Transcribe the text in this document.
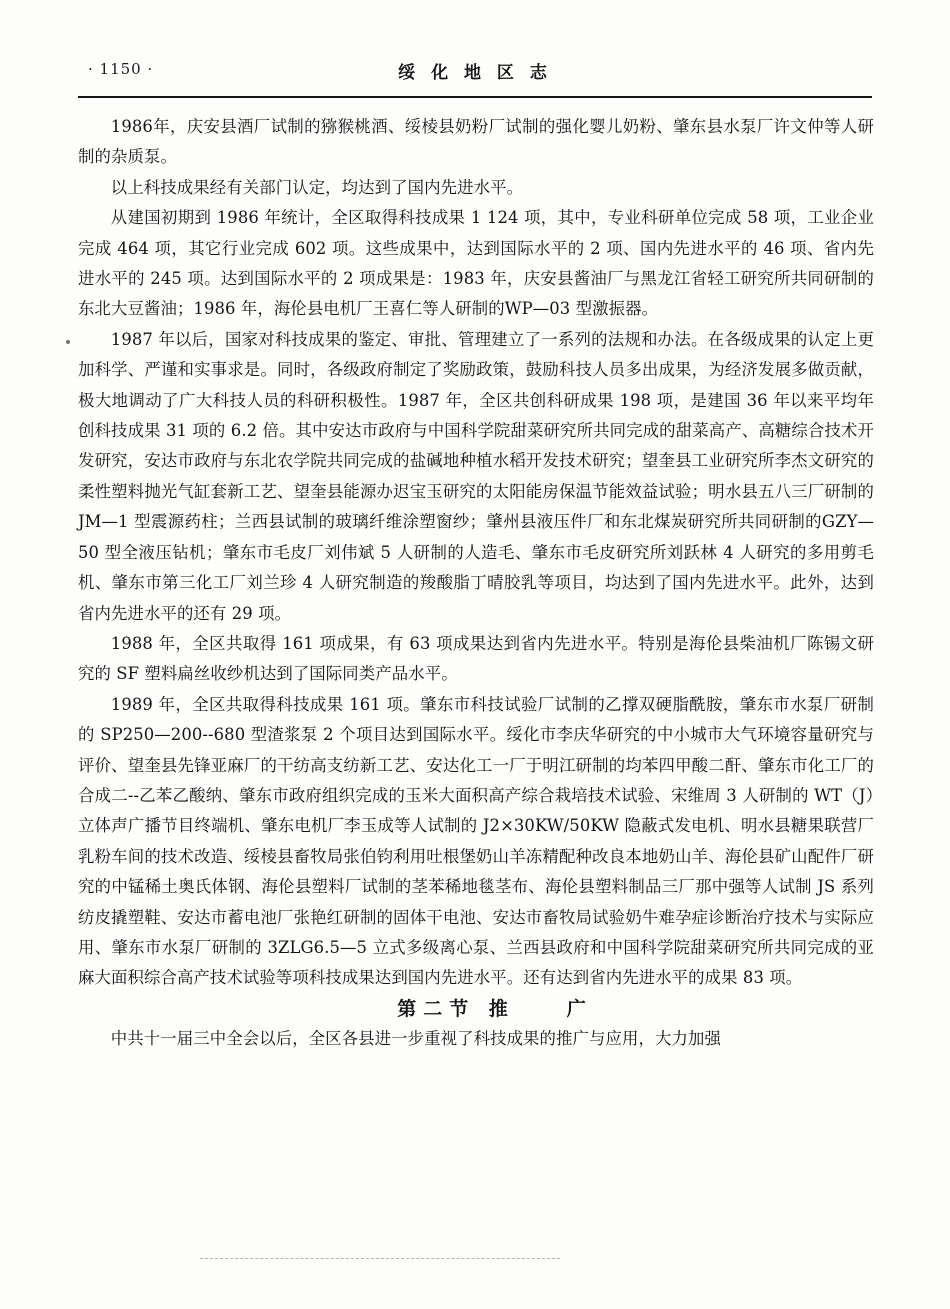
· 1150 ·	绥 化 地 区 志

1986年，庆安县酒厂试制的猕猴桃酒、绥棱县奶粉厂试制的强化婴儿奶粉、肇东县水泵厂许文仲等人研制的杂质泵。

以上科技成果经有关部门认定，均达到了国内先进水平。

从建国初期到 1986 年统计，全区取得科技成果 1 124 项，其中，专业科研单位完成 58 项，工业企业完成 464 项，其它行业完成 602 项。这些成果中，达到国际水平的 2 项、国内先进水平的 46 项、省内先进水平的 245 项。达到国际水平的 2 项成果是：1983 年，庆安县酱油厂与黑龙江省轻工研究所共同研制的东北大豆酱油；1986 年，海伦县电机厂王喜仁等人研制的WP—03 型激振器。

1987 年以后，国家对科技成果的鉴定、审批、管理建立了一系列的法规和办法。在各级成果的认定上更加科学、严谨和实事求是。同时，各级政府制定了奖励政策，鼓励科技人员多出成果，为经济发展多做贡献，极大地调动了广大科技人员的科研积极性。1987 年，全区共创科研成果 198 项，是建国 36 年以来平均年创科技成果 31 项的 6.2 倍。其中安达市政府与中国科学院甜菜研究所共同完成的甜菜高产、高糖综合技术开发研究，安达市政府与东北农学院共同完成的盐碱地种植水稻开发技术研究；望奎县工业研究所李杰文研究的柔性塑料抛光气缸套新工艺、望奎县能源办迟宝玉研究的太阳能房保温节能效益试验；明水县五八三厂研制的 JM—1 型震源药柱；兰西县试制的玻璃纤维涂塑窗纱；肇州县液压件厂和东北煤炭研究所共同研制的GZY—50 型全液压钻机；肇东市毛皮厂刘伟斌 5 人研制的人造毛、肇东市毛皮研究所刘跃林 4 人研究的多用剪毛机、肇东市第三化工厂刘兰珍 4 人研究制造的羧酸脂丁晴胶乳等项目，均达到了国内先进水平。此外，达到省内先进水平的还有 29 项。

1988 年，全区共取得 161 项成果，有 63 项成果达到省内先进水平。特别是海伦县柴油机厂陈锡文研究的 SF 塑料扁丝收纱机达到了国际同类产品水平。

1989 年，全区共取得科技成果 161 项。肇东市科技试验厂试制的乙撑双硬脂酰胺，肇东市水泵厂研制的 SP250—200--680 型渣浆泵 2 个项目达到国际水平。绥化市李庆华研究的中小城市大气环境容量研究与评价、望奎县先锋亚麻厂的干纺高支纺新工艺、安达化工一厂于明江研制的均苯四甲酸二酐、肇东市化工厂的合成二--乙苯乙酸纳、肇东市政府组织完成的玉米大面积高产综合栽培技术试验、宋维周 3 人研制的 WT（J）立体声广播节目终端机、肇东电机厂李玉成等人试制的 J2×30KW/50KW 隐蔽式发电机、明水县糖果联营厂乳粉车间的技术改造、绥棱县畜牧局张伯钧利用吐根堡奶山羊冻精配种改良本地奶山羊、海伦县矿山配件厂研究的中锰稀土奥氏体钢、海伦县塑料厂试制的茎苯稀地毯茎布、海伦县塑料制品三厂那中强等人试制 JS 系列纺皮撬塑鞋、安达市蓄电池厂张艳红研制的固体干电池、安达市畜牧局试验奶牛难孕症诊断治疗技术与实际应用、肇东市水泵厂研制的 3ZLG6.5—5 立式多级离心泵、兰西县政府和中国科学院甜菜研究所共同完成的亚麻大面积综合高产技术试验等项科技成果达到国内先进水平。还有达到省内先进水平的成果 83 项。

第二节 推　　广

中共十一届三中全会以后，全区各县进一步重视了科技成果的推广与应用，大力加强
